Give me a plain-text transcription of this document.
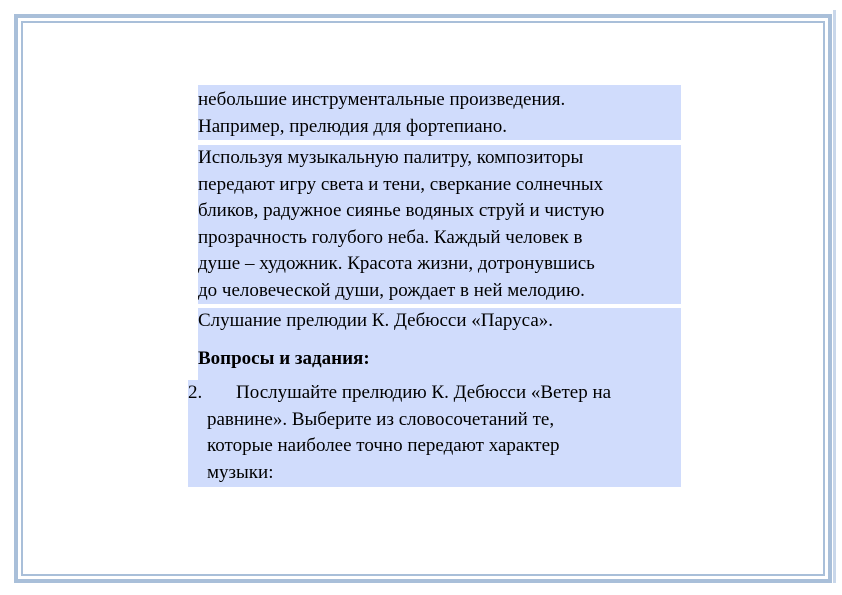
небольшие инструментальные произведения.
Например, прелюдия для фортепиано.
Используя музыкальную палитру, композиторы
передают игру света и тени, сверкание солнечных
бликов, радужное сиянье водяных струй и чистую
прозрачность голубого неба. Каждый человек в
душе – художник. Красота жизни, дотронувшись
до человеческой души, рождает в ней мелодию.
Слушание прелюдии К. Дебюсси «Паруса».
Вопросы и задания:
2. Послушайте прелюдию К. Дебюсси «Ветер на
равнине». Выберите из словосочетаний те,
которые наиболее точно передают характер
музыки:
